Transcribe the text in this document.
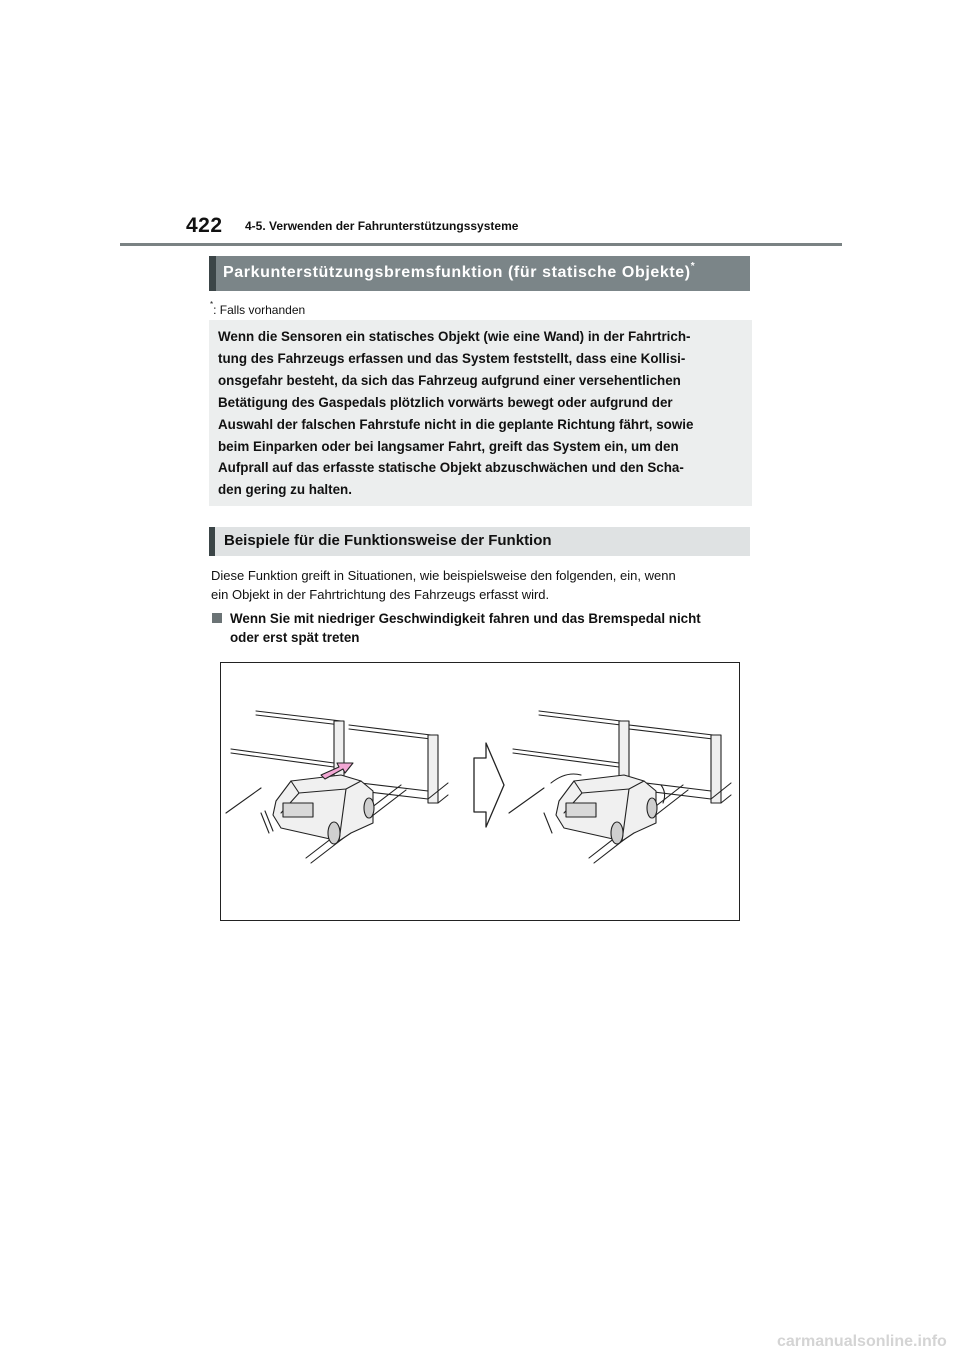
422 4-5. Verwenden der Fahrunterstützungssysteme
Parkunterstützungsbremsfunktion (für statische Objekte)*
*: Falls vorhanden

Wenn die Sensoren ein statisches Objekt (wie eine Wand) in der Fahrtrich-

tung des Fahrzeugs erfassen und das System feststellt, dass eine Kollisi-

onsgefahr besteht, da sich das Fahrzeug aufgrund einer versehentlichen

Betätigung des Gaspedals plötzlich vorwärts bewegt oder aufgrund der

Auswahl der falschen Fahrstufe nicht in die geplante Richtung fährt, sowie

beim Einparken oder bei langsamer Fahrt, greift das System ein, um den

Aufprall auf das erfasste statische Objekt abzuschwächen und den Scha-

den gering zu halten.

Beispiele für die Funktionsweise der Funktion
Diese Funktion greift in Situationen, wie beispielsweise den folgenden, ein, wenn
ein Objekt in der Fahrtrichtung des Fahrzeugs erfasst wird.
Wenn Sie mit niedriger Geschwindigkeit fahren und das Bremspedal nicht
oder erst spät treten
carmanualsonline.info
